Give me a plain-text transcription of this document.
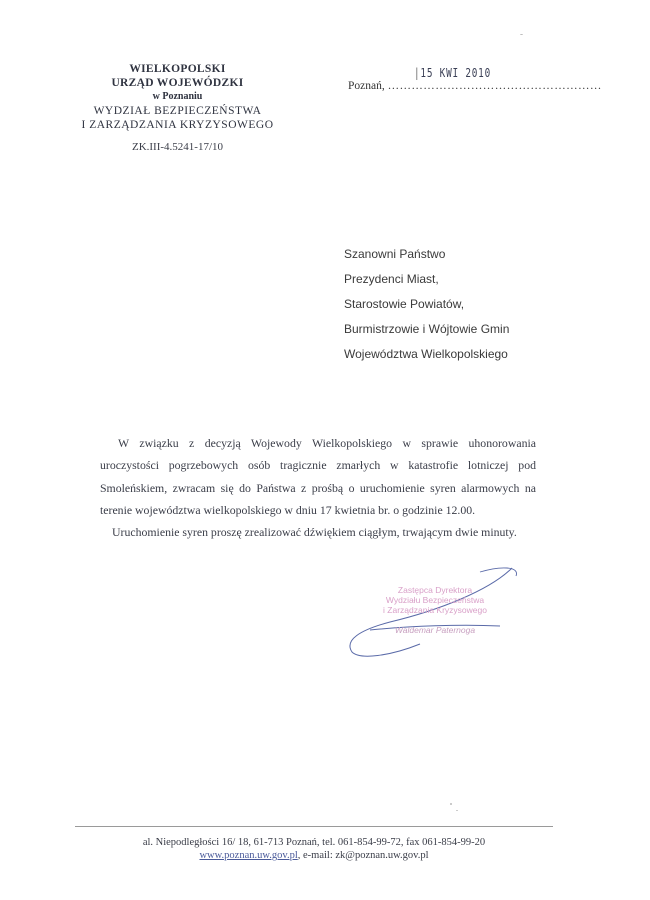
WIELKOPOLSKI
URZĄD WOJEWÓDZKI
w Poznaniu
WYDZIAŁ BEZPIECZEŃSTWA
I ZARZĄDZANIA KRYZYSOWEGO
ZK.III-4.5241-17/10
|15 KWI 2010
Poznań, ………………………………………………
Szanowni Państwo
Prezydenci Miast,
Starostowie Powiatów,
Burmistrzowie i Wójtowie Gmin
Województwa Wielkopolskiego

W związku z decyzją Wojewody Wielkopolskiego w sprawie uhonorowania uroczystości pogrzebowych osób tragicznie zmarłych w katastrofie lotniczej pod Smoleńskiem, zwracam się do Państwa z prośbą o uruchomienie syren alarmowych na terenie województwa wielkopolskiego w dniu 17 kwietnia br. o godzinie 12.00.

Uruchomienie syren proszę zrealizować dźwiękiem ciągłym, trwającym dwie minuty.

Zastępca Dyrektora
Wydziału Bezpieczeństwa
i Zarządzania Kryzysowego
Waldemar Paternoga
al. Niepodległości 16/ 18, 61-713 Poznań, tel. 061-854-99-72, fax 061-854-99-20
www.poznan.uw.gov.pl, e-mail: zk@poznan.uw.gov.pl
